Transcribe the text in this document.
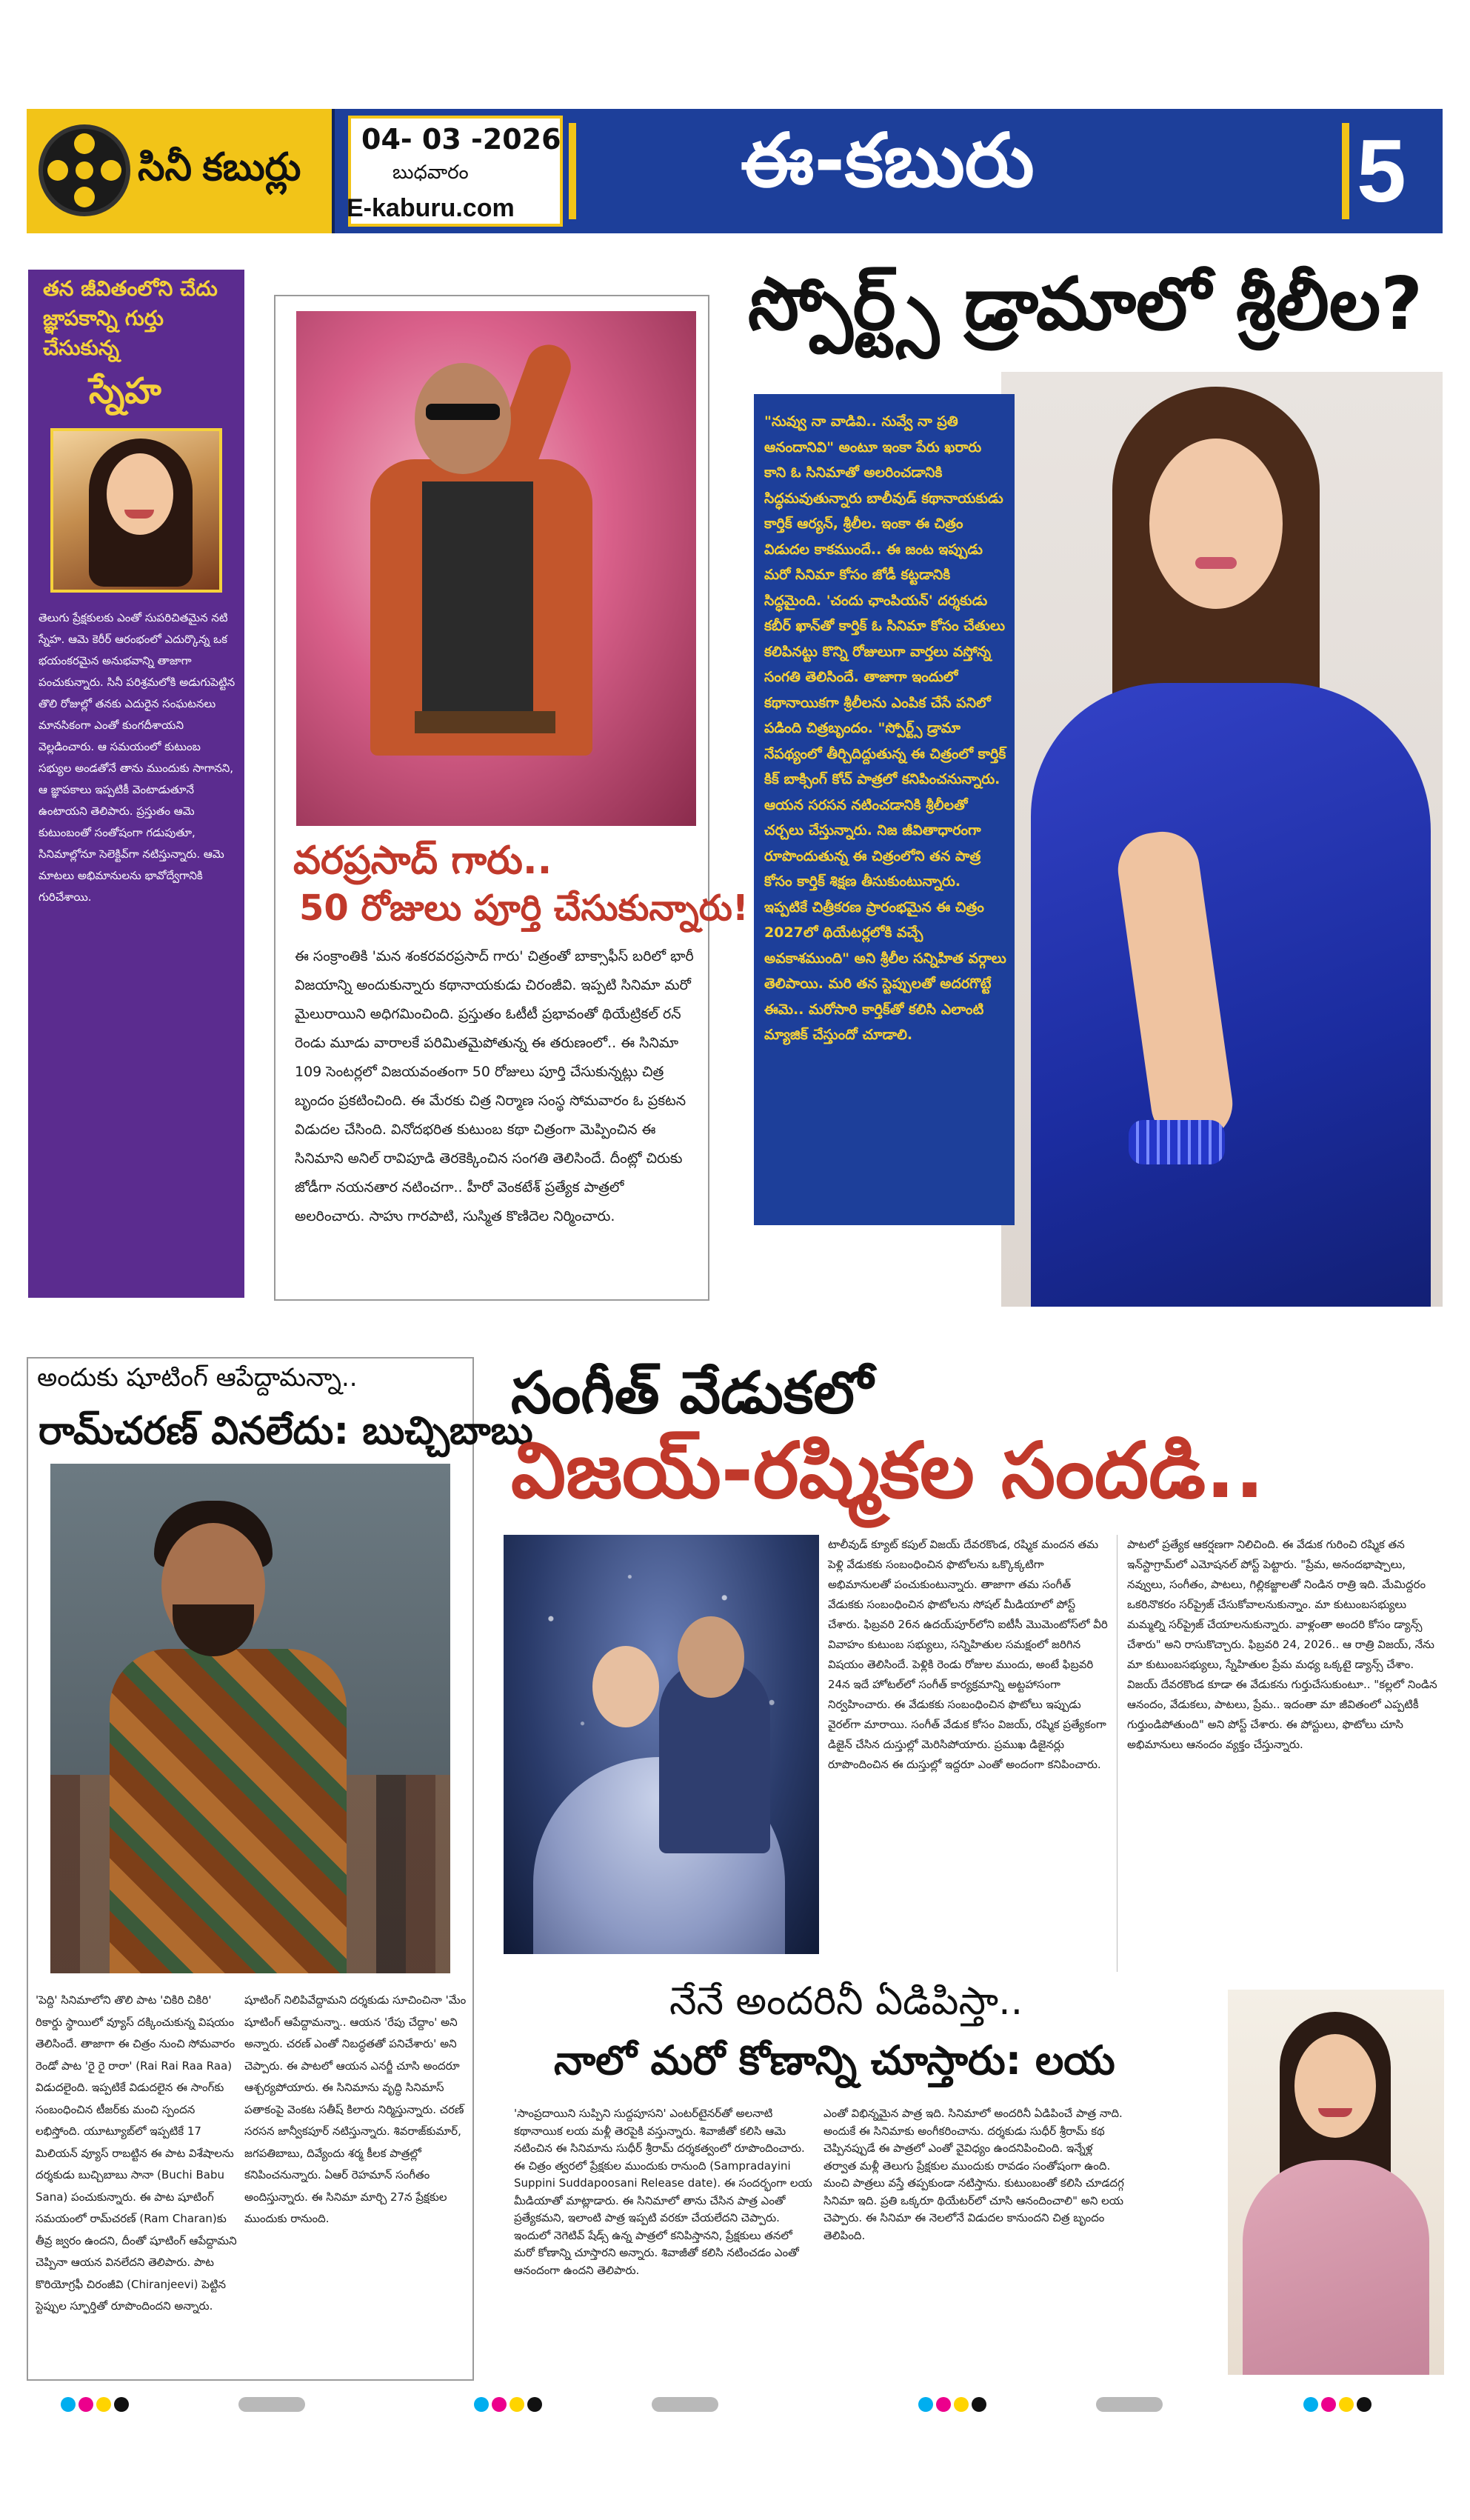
సినీ కబుర్లు
04- 03 -2026
బుధవారం
E-kaburu.com
ఈ-కబురు	5
తన జీవితంలోని చేదు జ్ఞాపకాన్ని గుర్తు చేసుకున్న
స్నేహ
తెలుగు ప్రేక్షకులకు ఎంతో సుపరిచితమైన నటి స్నేహ. ఆమె కెరీర్ ఆరంభంలో ఎదుర్కొన్న ఒక భయంకరమైన అనుభవాన్ని తాజాగా పంచుకున్నారు. సినీ పరిశ్రమలోకి అడుగుపెట్టిన తొలి రోజుల్లో తనకు ఎదురైన సంఘటనలు మానసికంగా ఎంతో కుంగదీశాయని వెల్లడించారు. ఆ సమయంలో కుటుంబ సభ్యుల అండతోనే తాను ముందుకు సాగానని, ఆ జ్ఞాపకాలు ఇప్పటికీ వెంటాడుతూనే ఉంటాయని తెలిపారు. ప్రస్తుతం ఆమె కుటుంబంతో సంతోషంగా గడుపుతూ, సినిమాల్లోనూ సెలెక్టివ్‌గా నటిస్తున్నారు. ఆమె మాటలు అభిమానులను భావోద్వేగానికి గురిచేశాయి.
వరప్రసాద్ గారు..
50 రోజులు పూర్తి చేసుకున్నారు!
ఈ సంక్రాంతికి 'మన శంకరవరప్రసాద్ గారు' చిత్రంతో బాక్సాఫీస్ బరిలో భారీ విజయాన్ని అందుకున్నారు కథానాయకుడు చిరంజీవి. ఇప్పటి సినిమా మరో మైలురాయిని అధిగమించింది. ప్రస్తుతం ఓటీటీ ప్రభావంతో థియేట్రికల్ రన్ రెండు మూడు వారాలకే పరిమితమైపోతున్న ఈ తరుణంలో.. ఈ సినిమా 109 సెంటర్లలో విజయవంతంగా 50 రోజులు పూర్తి చేసుకున్నట్లు చిత్ర బృందం ప్రకటించింది. ఈ మేరకు చిత్ర నిర్మాణ సంస్థ సోమవారం ఓ ప్రకటన విడుదల చేసింది. వినోదభరిత కుటుంబ కథా చిత్రంగా మెప్పించిన ఈ సినిమాని అనిల్ రావిపూడి తెరకెక్కించిన సంగతి తెలిసిందే. దీంట్లో చిరుకు జోడీగా నయనతార నటించగా.. హీరో వెంకటేశ్ ప్రత్యేక పాత్రలో అలరించారు. సాహు గారపాటి, సుస్మిత కొణిదెల నిర్మించారు.
స్పోర్ట్స్ డ్రామాలో శ్రీలీల?
"నువ్వు నా వాడివి.. నువ్వే నా ప్రతి ఆనందానివి" అంటూ ఇంకా పేరు ఖరారు కాని ఓ సినిమాతో అలరించడానికి సిద్ధమవుతున్నారు బాలీవుడ్ కథానాయకుడు కార్తిక్ ఆర్యన్, శ్రీలీల. ఇంకా ఈ చిత్రం విడుదల కాకముందే.. ఈ జంట ఇప్పుడు మరో సినిమా కోసం జోడీ కట్టడానికి సిద్ధమైంది. 'చందు ఛాంపియన్' దర్శకుడు కబీర్ ఖాన్‌తో కార్తిక్ ఓ సినిమా కోసం చేతులు కలిపినట్టు కొన్ని రోజులుగా వార్తలు వస్తోన్న సంగతి తెలిసిందే. తాజాగా ఇందులో కథానాయికగా శ్రీలీలను ఎంపిక చేసే పనిలో పడింది చిత్రబృందం. "స్పోర్ట్స్ డ్రామా నేపథ్యంలో తీర్చిదిద్దుతున్న ఈ చిత్రంలో కార్తిక్ కిక్ బాక్సింగ్ కోచ్ పాత్రలో కనిపించనున్నారు. ఆయన సరసన నటించడానికి శ్రీలీలతో చర్చలు చేస్తున్నారు. నిజ జీవితాధారంగా రూపొందుతున్న ఈ చిత్రంలోని తన పాత్ర కోసం కార్తిక్ శిక్షణ తీసుకుంటున్నారు. ఇప్పటికే చిత్రీకరణ ప్రారంభమైన ఈ చిత్రం 2027లో థియేటర్లలోకి వచ్చే అవకాశముంది" అని శ్రీలీల సన్నిహిత వర్గాలు తెలిపాయి. మరి తన స్టెప్పులతో అదరగొట్టే ఈమె.. మరోసారి కార్తిక్‌తో కలిసి ఎలాంటి మ్యాజిక్ చేస్తుందో చూడాలి.
అందుకు షూటింగ్ ఆపేద్దామన్నా..
రామ్‌చరణ్ వినలేదు: బుచ్చిబాబు
'పెద్ది' సినిమాలోని తొలి పాట 'చికిరి చికిరి' రికార్డు స్థాయిలో వ్యూస్ దక్కించుకున్న విషయం తెలిసిందే. తాజాగా ఈ చిత్రం నుంచి సోమవారం రెండో పాట 'రై రై రారా' (Rai Rai Raa Raa) విడుదలైంది. ఇప్పటికే విడుదలైన ఈ సాంగ్‌కు సంబంధించిన టీజర్‌కు మంచి స్పందన లభిస్తోంది. యూట్యూబ్‌లో ఇప్పటికే 17 మిలియన్ వ్యూస్ రాబట్టిన ఈ పాట విశేషాలను దర్శకుడు బుచ్చిబాబు సానా (Buchi Babu Sana) పంచుకున్నారు. ఈ పాట షూటింగ్ సమయంలో రామ్‌చరణ్ (Ram Charan)కు తీవ్ర జ్వరం ఉందని, దీంతో షూటింగ్ ఆపేద్దామని చెప్పినా ఆయన వినలేదని తెలిపారు. పాట కొరియోగ్రఫీ చిరంజీవి (Chiranjeevi) పెట్టిన స్టెప్పుల స్ఫూర్తితో రూపొందిందని అన్నారు.
షూటింగ్ నిలిపివేద్దామని దర్శకుడు సూచించినా 'మేం షూటింగ్ ఆపేద్దామన్నా.. ఆయన 'రేపు చేద్దాం' అని అన్నారు. చరణ్ ఎంతో నిబద్ధతతో పనిచేశారు' అని చెప్పారు. ఈ పాటలో ఆయన ఎనర్జీ చూసి అందరూ ఆశ్చర్యపోయారు. ఈ సినిమాను వృద్ధి సినిమాస్ పతాకంపై వెంకట సతీష్ కిలారు నిర్మిస్తున్నారు. చరణ్ సరసన జాన్వీకపూర్ నటిస్తున్నారు. శివరాజ్‌కుమార్, జగపతిబాబు, దివ్యేందు శర్మ కీలక పాత్రల్లో కనిపించనున్నారు. ఏఆర్ రెహమాన్ సంగీతం అందిస్తున్నారు. ఈ సినిమా మార్చి 27న ప్రేక్షకుల ముందుకు రానుంది.
సంగీత్ వేడుకలో
విజయ్-రష్మికల సందడి..
టాలీవుడ్ క్యూట్ కపుల్ విజయ్ దేవరకొండ, రష్మిక మందన తమ పెళ్లి వేడుకకు సంబంధించిన ఫొటోలను ఒక్కొక్కటిగా అభిమానులతో పంచుకుంటున్నారు. తాజాగా తమ సంగీత్ వేడుకకు సంబంధించిన ఫొటోలను సోషల్ మీడియాలో పోస్ట్ చేశారు. ఫిబ్రవరి 26న ఉదయ్‌పూర్‌లోని ఐటీసీ మొమెంటోస్‌లో వీరి వివాహం కుటుంబ సభ్యులు, సన్నిహితుల సమక్షంలో జరిగిన విషయం తెలిసిందే. పెళ్లికి రెండు రోజుల ముందు, అంటే ఫిబ్రవరి 24న ఇదే హోటల్‌లో సంగీత్ కార్యక్రమాన్ని అట్టహాసంగా నిర్వహించారు. ఈ వేడుకకు సంబంధించిన ఫొటోలు ఇప్పుడు వైరల్‌గా మారాయి. సంగీత్ వేడుక కోసం విజయ్, రష్మిక ప్రత్యేకంగా డిజైన్ చేసిన దుస్తుల్లో మెరిసిపోయారు. ప్రముఖ డిజైనర్లు రూపొందించిన ఈ దుస్తుల్లో ఇద్దరూ ఎంతో అందంగా కనిపించారు.
పాటలో ప్రత్యేక ఆకర్షణగా నిలిచింది. ఈ వేడుక గురించి రష్మిక తన ఇన్‌స్టాగ్రామ్‌లో ఎమోషనల్ పోస్ట్ పెట్టారు. "ప్రేమ, అనందభాష్పాలు, నవ్వులు, సంగీతం, పాటలు, గిల్లికజ్జాలతో నిండిన రాత్రి ఇది. మేమిద్దరం ఒకరినొకరం సర్‌ప్రైజ్ చేసుకోవాలనుకున్నాం. మా కుటుంబసభ్యులు మమ్మల్ని సర్‌ప్రైజ్ చేయాలనుకున్నారు. వాళ్లంతా అందరి కోసం డ్యాన్స్ చేశారు" అని రాసుకొచ్చారు. ఫిబ్రవరి 24, 2026.. ఆ రాత్రి విజయ్, నేను మా కుటుంబసభ్యులు, స్నేహితుల ప్రేమ మధ్య ఒక్కటై డ్యాన్స్ చేశాం. విజయ్ దేవరకొండ కూడా ఈ వేడుకను గుర్తుచేసుకుంటూ.. "కల్లలో నిండిన ఆనందం, వేడుకలు, పాటలు, ప్రేమ.. ఇదంతా మా జీవితంలో ఎప్పటికీ గుర్తుండిపోతుంది" అని పోస్ట్ చేశారు. ఈ పోస్టులు, ఫొటోలు చూసి అభిమానులు ఆనందం వ్యక్తం చేస్తున్నారు.
నేనే అందరినీ ఏడిపిస్తా..
నాలో మరో కోణాన్ని చూస్తారు: లయ
'సాంప్రదాయిని సుప్పిని సుద్దపూసని' ఎంటర్‌టైనర్‌తో అలనాటి కథానాయిక లయ మళ్లీ తెరపైకి వస్తున్నారు. శివాజీతో కలిసి ఆమె నటించిన ఈ సినిమాను సుధీర్ శ్రీరామ్ దర్శకత్వంలో రూపొందించారు. ఈ చిత్రం త్వరలో ప్రేక్షకుల ముందుకు రానుంది (Sampradayini Suppini Suddapoosani Release date). ఈ సందర్భంగా లయ మీడియాతో మాట్లాడారు. ఈ సినిమాలో తాను చేసిన పాత్ర ఎంతో ప్రత్యేకమని, ఇలాంటి పాత్ర ఇప్పటి వరకూ చేయలేదని చెప్పారు. ఇందులో నెగెటివ్ షేడ్స్ ఉన్న పాత్రలో కనిపిస్తానని, ప్రేక్షకులు తనలో మరో కోణాన్ని చూస్తారని అన్నారు. శివాజీతో కలిసి నటించడం ఎంతో ఆనందంగా ఉందని తెలిపారు.
ఎంతో విభిన్నమైన పాత్ర ఇది. సినిమాలో అందరినీ ఏడిపించే పాత్ర నాది. అందుకే ఈ సినిమాకు అంగీకరించాను. దర్శకుడు సుధీర్ శ్రీరామ్ కథ చెప్పినప్పుడే ఈ పాత్రలో ఎంతో వైవిధ్యం ఉందనిపించింది. ఇన్నేళ్ల తర్వాత మళ్లీ తెలుగు ప్రేక్షకుల ముందుకు రావడం సంతోషంగా ఉంది. మంచి పాత్రలు వస్తే తప్పకుండా నటిస్తాను. కుటుంబంతో కలిసి చూడదగ్గ సినిమా ఇది. ప్రతి ఒక్కరూ థియేటర్‌లో చూసి ఆనందించాలి" అని లయ చెప్పారు. ఈ సినిమా ఈ నెలలోనే విడుదల కానుందని చిత్ర బృందం తెలిపింది.
